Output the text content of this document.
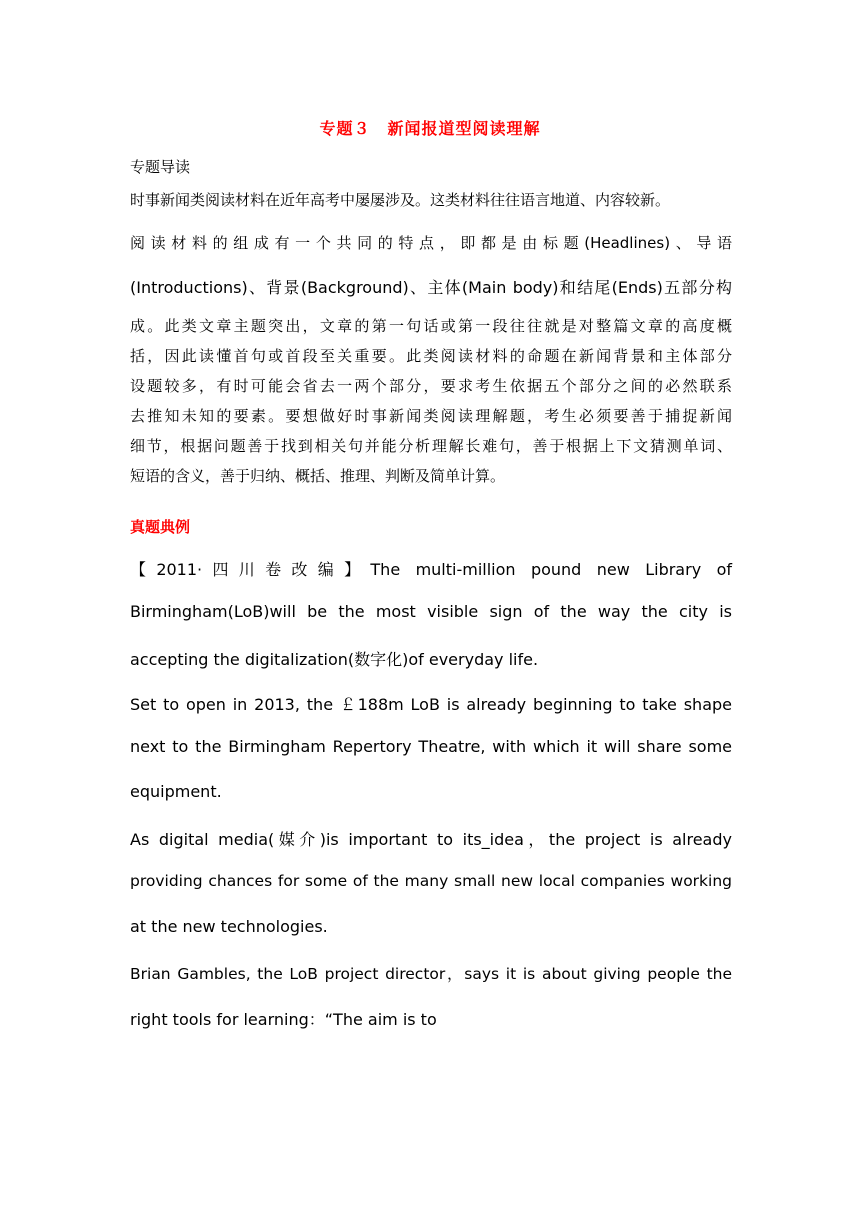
专题３　新闻报道型阅读理解
专题导读
时事新闻类阅读材料在近年高考中屡屡涉及。这类材料往往语言地道、内容较新。
阅读材料的组成有一个共同的特点，即都是由标题(Headlines)、导语
(Introductions)、背景(Background)、主体(Main body)和结尾(Ends)五部分构
成。此类文章主题突出，文章的第一句话或第一段往往就是对整篇文章的高度概
括，因此读懂首句或首段至关重要。此类阅读材料的命题在新闻背景和主体部分
设题较多，有时可能会省去一两个部分，要求考生依据五个部分之间的必然联系
去推知未知的要素。要想做好时事新闻类阅读理解题，考生必须要善于捕捉新闻
细节，根据问题善于找到相关句并能分析理解长难句，善于根据上下文猜测单词、
短语的含义，善于归纳、概括、推理、判断及简单计算。
真题典例
【2011·四川卷改编】The multi-million pound new Library of
Birmingham(LoB)will be the most visible sign of the way the city is
accepting the digitalization(数字化)of everyday life.
Set to open in 2013, the ￡188m LoB is already beginning to take shape
next to the Birmingham Repertory Theatre, with which it will share some
equipment.
As digital media(媒介)is important to its_idea，the project is already
providing chances for some of the many small new local companies working
at the new technologies.
Brian Gambles, the LoB project director，says it is about giving people the
right tools for learning：“The aim is to
